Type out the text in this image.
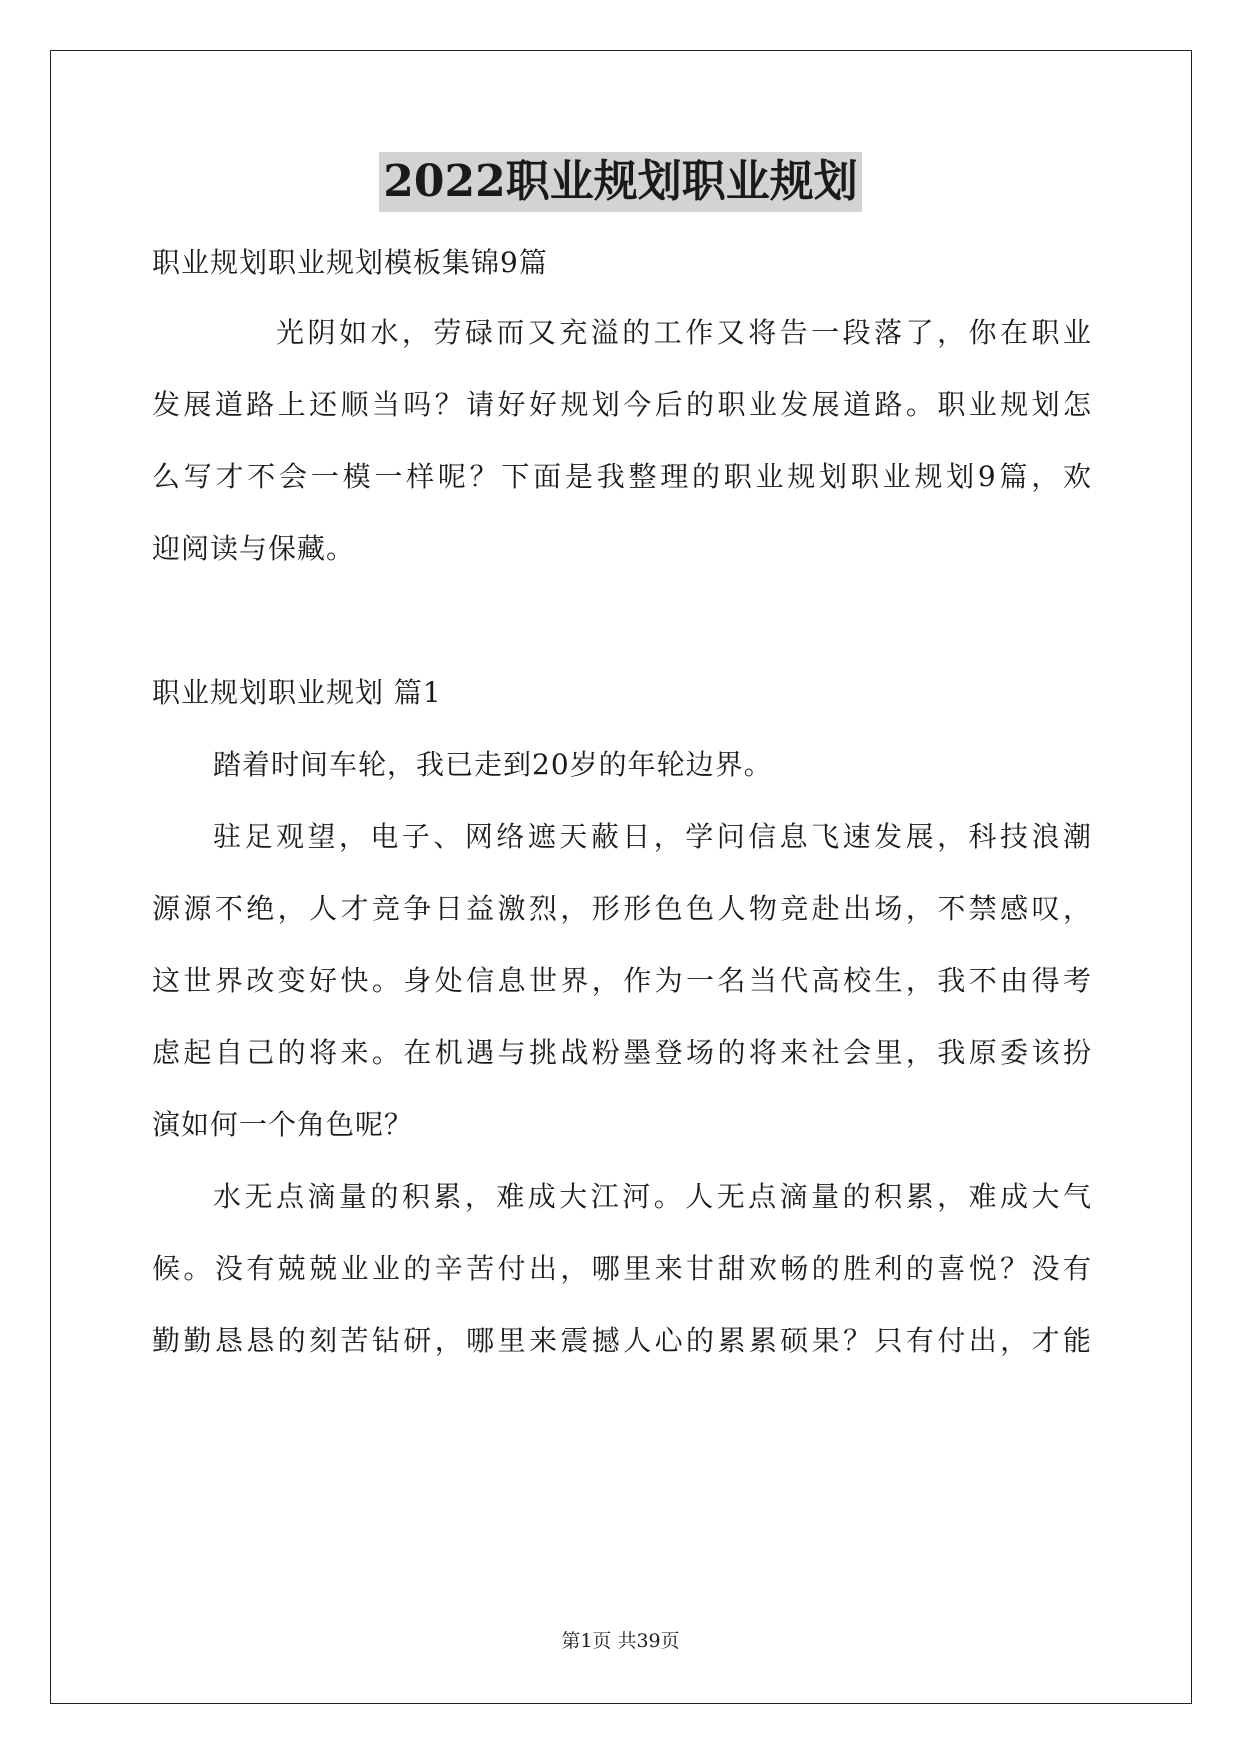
2022职业规划职业规划

职业规划职业规划模板集锦9篇

光阴如水，劳碌而又充溢的工作又将告一段落了，你在职业

发展道路上还顺当吗？请好好规划今后的职业发展道路。职业规划怎

么写才不会一模一样呢？下面是我整理的职业规划职业规划9篇，欢

迎阅读与保藏。

职业规划职业规划 篇1

踏着时间车轮，我已走到20岁的年轮边界。

驻足观望，电子、网络遮天蔽日，学问信息飞速发展，科技浪潮

源源不绝，人才竞争日益激烈，形形色色人物竞赴出场，不禁感叹，

这世界改变好快。身处信息世界，作为一名当代高校生，我不由得考

虑起自己的将来。在机遇与挑战粉墨登场的将来社会里，我原委该扮

演如何一个角色呢？

水无点滴量的积累，难成大江河。人无点滴量的积累，难成大气

候。没有兢兢业业的辛苦付出，哪里来甘甜欢畅的胜利的喜悦？没有

勤勤恳恳的刻苦钻研，哪里来震撼人心的累累硕果？只有付出，才能

第1页 共39页
